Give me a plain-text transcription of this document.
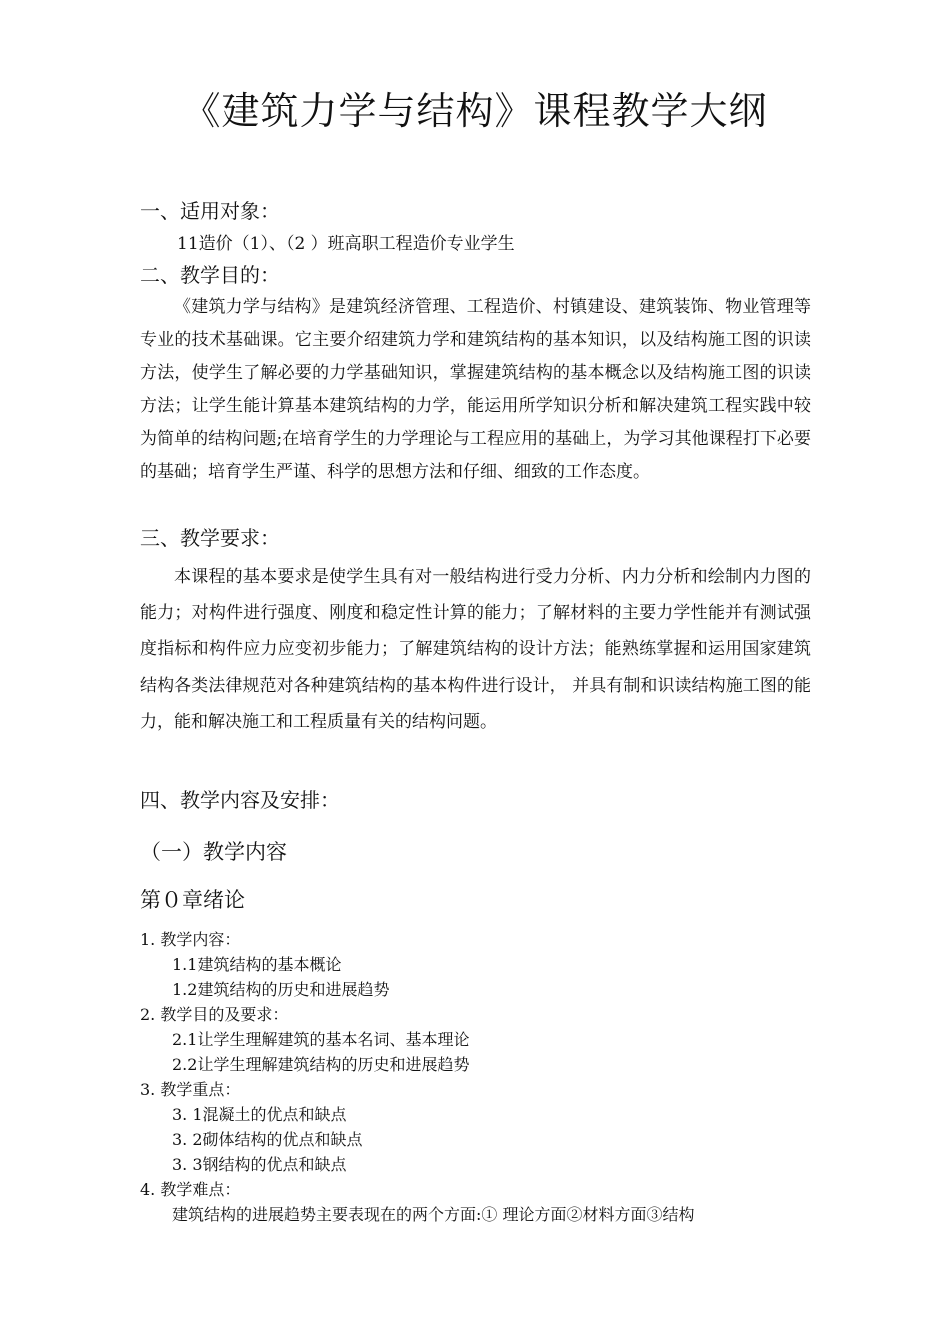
《建筑力学与结构》课程教学大纲
一、适用对象：
11造价（1）、（2 ）班高职工程造价专业学生
二、教学目的：

《建筑力学与结构》是建筑经济管理、工程造价、村镇建设、建筑装饰、物业管理等专业的技术基础课。它主要介绍建筑力学和建筑结构的基本知识，以及结构施工图的识读方法，使学生了解必要的力学基础知识，掌握建筑结构的基本概念以及结构施工图的识读方法；让学生能计算基本建筑结构的力学，能运用所学知识分析和解决建筑工程实践中较为简单的结构问题;在培育学生的力学理论与工程应用的基础上，为学习其他课程打下必要的基础；培育学生严谨、科学的思想方法和仔细、细致的工作态度。

三、教学要求：

本课程的基本要求是使学生具有对一般结构进行受力分析、内力分析和绘制内力图的能力；对构件进行强度、刚度和稳定性计算的能力；了解材料的主要力学性能并有测试强度指标和构件应力应变初步能力；了解建筑结构的设计方法；能熟练掌握和运用国家建筑结构各类法律规范对各种建筑结构的基本构件进行设计， 并具有制和识读结构施工图的能力，能和解决施工和工程质量有关的结构问题。

四、教学内容及安排：
（一）教学内容
第０章绪论
1. 教学内容：
1.1建筑结构的基本概论
1.2建筑结构的历史和进展趋势
2. 教学目的及要求：
2.1让学生理解建筑的基本名词、基本理论
2.2让学生理解建筑结构的历史和进展趋势
3. 教学重点：
3. 1混凝土的优点和缺点
3. 2砌体结构的优点和缺点
3. 3钢结构的优点和缺点
4. 教学难点：
建筑结构的进展趋势主要表现在的两个方面:① 理论方面②材料方面③结构
